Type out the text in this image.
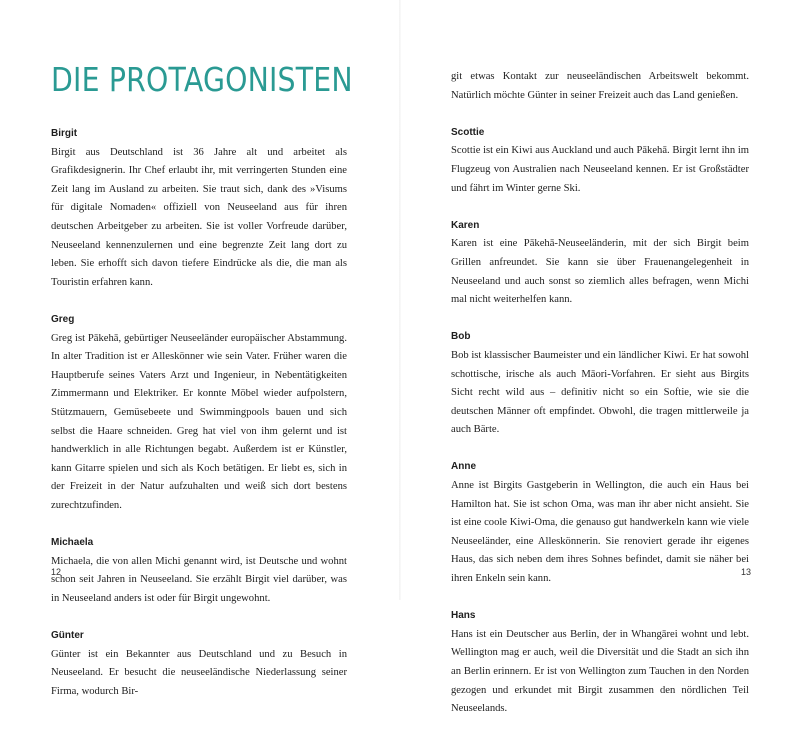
DIE PROTAGONISTEN
Birgit
Birgit aus Deutschland ist 36 Jahre alt und arbeitet als Grafikdesignerin. Ihr Chef erlaubt ihr, mit verringerten Stunden eine Zeit lang im Ausland zu arbeiten. Sie traut sich, dank des »Visums für digitale Nomaden« offiziell von Neuseeland aus für ihren deutschen Arbeitgeber zu arbeiten. Sie ist voller Vorfreude darüber, Neuseeland kennenzulernen und eine begrenzte Zeit lang dort zu leben. Sie erhofft sich davon tiefere Eindrücke als die, die man als Touristin erfahren kann.
Greg
Greg ist Pākehā, gebürtiger Neuseeländer europäischer Abstammung. In alter Tradition ist er Alleskönner wie sein Vater. Früher waren die Hauptberufe seines Vaters Arzt und Ingenieur, in Nebentätigkeiten Zimmermann und Elektriker. Er konnte Möbel wieder aufpolstern, Stützmauern, Gemüsebeete und Swimmingpools bauen und sich selbst die Haare schneiden. Greg hat viel von ihm gelernt und ist handwerklich in alle Richtungen begabt. Außerdem ist er Künstler, kann Gitarre spielen und sich als Koch betätigen. Er liebt es, sich in der Freizeit in der Natur aufzuhalten und weiß sich dort bestens zurechtzufinden.
Michaela
Michaela, die von allen Michi genannt wird, ist Deutsche und wohnt schon seit Jahren in Neuseeland. Sie erzählt Birgit viel darüber, was in Neuseeland anders ist oder für Birgit ungewohnt.
Günter
Günter ist ein Bekannter aus Deutschland und zu Besuch in Neuseeland. Er besucht die neuseeländische Niederlassung seiner Firma, wodurch Bir-
12
git etwas Kontakt zur neuseeländischen Arbeitswelt bekommt. Natürlich möchte Günter in seiner Freizeit auch das Land genießen.
Scottie
Scottie ist ein Kiwi aus Auckland und auch Pākehā. Birgit lernt ihn im Flugzeug von Australien nach Neuseeland kennen. Er ist Großstädter und fährt im Winter gerne Ski.
Karen
Karen ist eine Pākehā-Neuseeländerin, mit der sich Birgit beim Grillen anfreundet. Sie kann sie über Frauenangelegenheit in Neuseeland und auch sonst so ziemlich alles befragen, wenn Michi mal nicht weiterhelfen kann.
Bob
Bob ist klassischer Baumeister und ein ländlicher Kiwi. Er hat sowohl schottische, irische als auch Māori-Vorfahren. Er sieht aus Birgits Sicht recht wild aus – definitiv nicht so ein Softie, wie sie die deutschen Männer oft empfindet. Obwohl, die tragen mittlerweile ja auch Bärte.
Anne
Anne ist Birgits Gastgeberin in Wellington, die auch ein Haus bei Hamilton hat. Sie ist schon Oma, was man ihr aber nicht ansieht. Sie ist eine coole Kiwi-Oma, die genauso gut handwerkeln kann wie viele Neuseeländer, eine Alleskönnerin. Sie renoviert gerade ihr eigenes Haus, das sich neben dem ihres Sohnes befindet, damit sie näher bei ihren Enkeln sein kann.
Hans
Hans ist ein Deutscher aus Berlin, der in Whangārei wohnt und lebt. Wellington mag er auch, weil die Diversität und die Stadt an sich ihn an Berlin erinnern. Er ist von Wellington zum Tauchen in den Norden gezogen und erkundet mit Birgit zusammen den nördlichen Teil Neuseelands.
13
